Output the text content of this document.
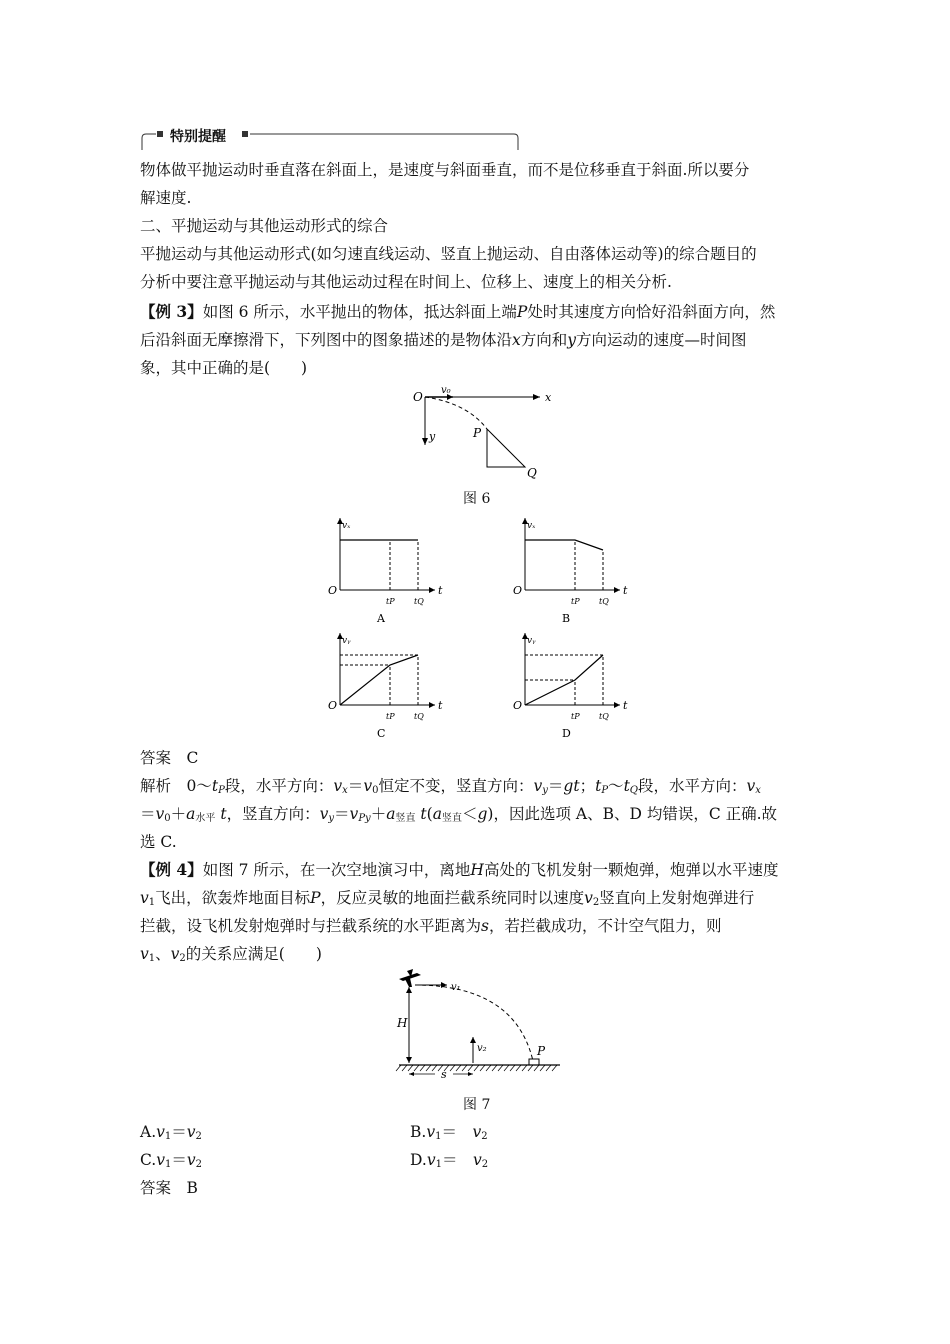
特别提醒
物体做平抛运动时垂直落在斜面上，是速度与斜面垂直，而不是位移垂直于斜面.所以要分
解速度.
二、平抛运动与其他运动形式的综合
平抛运动与其他运动形式(如匀速直线运动、竖直上抛运动、自由落体运动等)的综合题目的
分析中要注意平抛运动与其他运动过程在时间上、位移上、速度上的相关分析.
【例 3】如图 6 所示，水平抛出的物体，抵达斜面上端P处时其速度方向恰好沿斜面方向，然
后沿斜面无摩擦滑下，下列图中的图象描述的是物体沿x方向和y方向运动的速度—时间图
象，其中正确的是(　　)
O v₀
x
y	P
Q
图 6
O	t
vₓ
tP tQ
A
O	t
vₓ
tP tQ
B
O	t
vᵧ
tP tQ
C
O	t
vᵧ
tP tQ
D
答案　 C
解析　 $0\sim t_P$段，水平方向：$v_x=v_0$恒定不变，竖直方向：$v_y=gt$；$t_P\sim t_Q$段，水平方向：$v_x$
$=v_0+a_{水平}$ t，竖直方向：$v_y=v_{Py}+a_{竖直}$ $t(a_{竖直}<g)$，因此选项 A、B、D 均错误，C 正确.故
选 C.
【例 4】如图 7 所示，在一次空地演习中，离地H高处的飞机发射一颗炮弹，炮弹以水平速度
$v_1$飞出，欲轰炸地面目标P，反应灵敏的地面拦截系统同时以速度$v_2$竖直向上发射炮弹进行
拦截，设飞机发射炮弹时与拦截系统的水平距离为s，若拦截成功，不计空气阻力，则
$v_1$、$v_2$的关系应满足(　　)
v₁
H
v₂	P
s
图 7
$A.v_1=v_2$	$B.v_1=$　$v_2$
$C.v_1=v_2$	$D.v_1=$　$v_2$
答案　 B
